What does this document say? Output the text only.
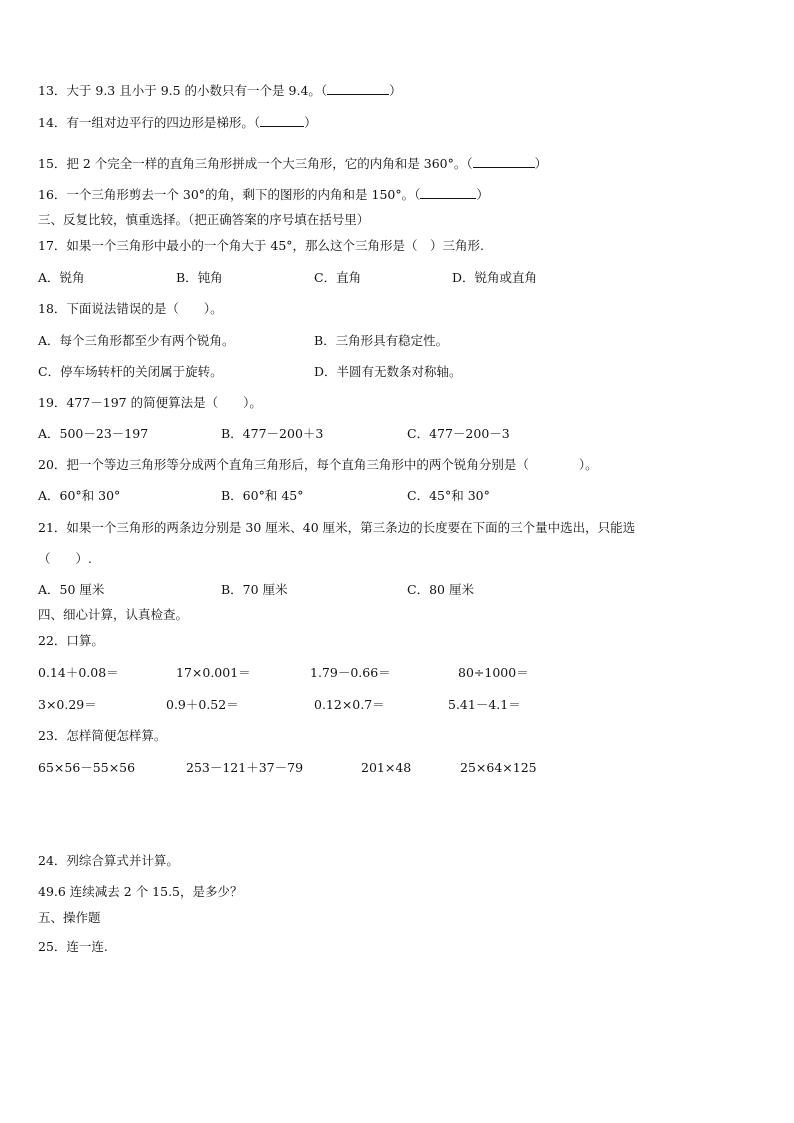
13．大于 9.3 且小于 9.5 的小数只有一个是 9.4。（	）
14．有一组对边平行的四边形是梯形。（	）
15．把 2 个完全一样的直角三角形拼成一个大三角形，它的内角和是 360°。（	）
16．一个三角形剪去一个 30°的角，剩下的图形的内角和是 150°。（	）
三、反复比较，慎重选择。（把正确答案的序号填在括号里）
17．如果一个三角形中最小的一个角大于 45°，那么这个三角形是（　）三角形.
A．锐角	B．钝角	C．直角	D．锐角或直角
18．下面说法错误的是（　　）。
A．每个三角形都至少有两个锐角。	B．三角形具有稳定性。
C．停车场转杆的关闭属于旋转。	D．半圆有无数条对称轴。
19．477－197 的简便算法是（　　）。
A．500－23－197	B．477－200＋3	C．477－200－3
20．把一个等边三角形等分成两个直角三角形后，每个直角三角形中的两个锐角分别是（　　　　）。
A．60°和 30°	B．60°和 45°	C．45°和 30°
21．如果一个三角形的两条边分别是 30 厘米、40 厘米，第三条边的长度要在下面的三个量中选出，只能选
（　　）.
A．50 厘米	B．70 厘米	C．80 厘米
四、细心计算，认真检查。
22．口算。
0.14＋0.08＝	17×0.001＝	1.79－0.66＝	80÷1000＝
3×0.29＝	0.9＋0.52＝	0.12×0.7＝	5.41－4.1＝
23．怎样简便怎样算。
65×56－55×56	253－121＋37－79	201×48	25×64×125
24．列综合算式并计算。
49.6 连续减去 2 个 15.5，是多少？
五、操作题
25．连一连.
